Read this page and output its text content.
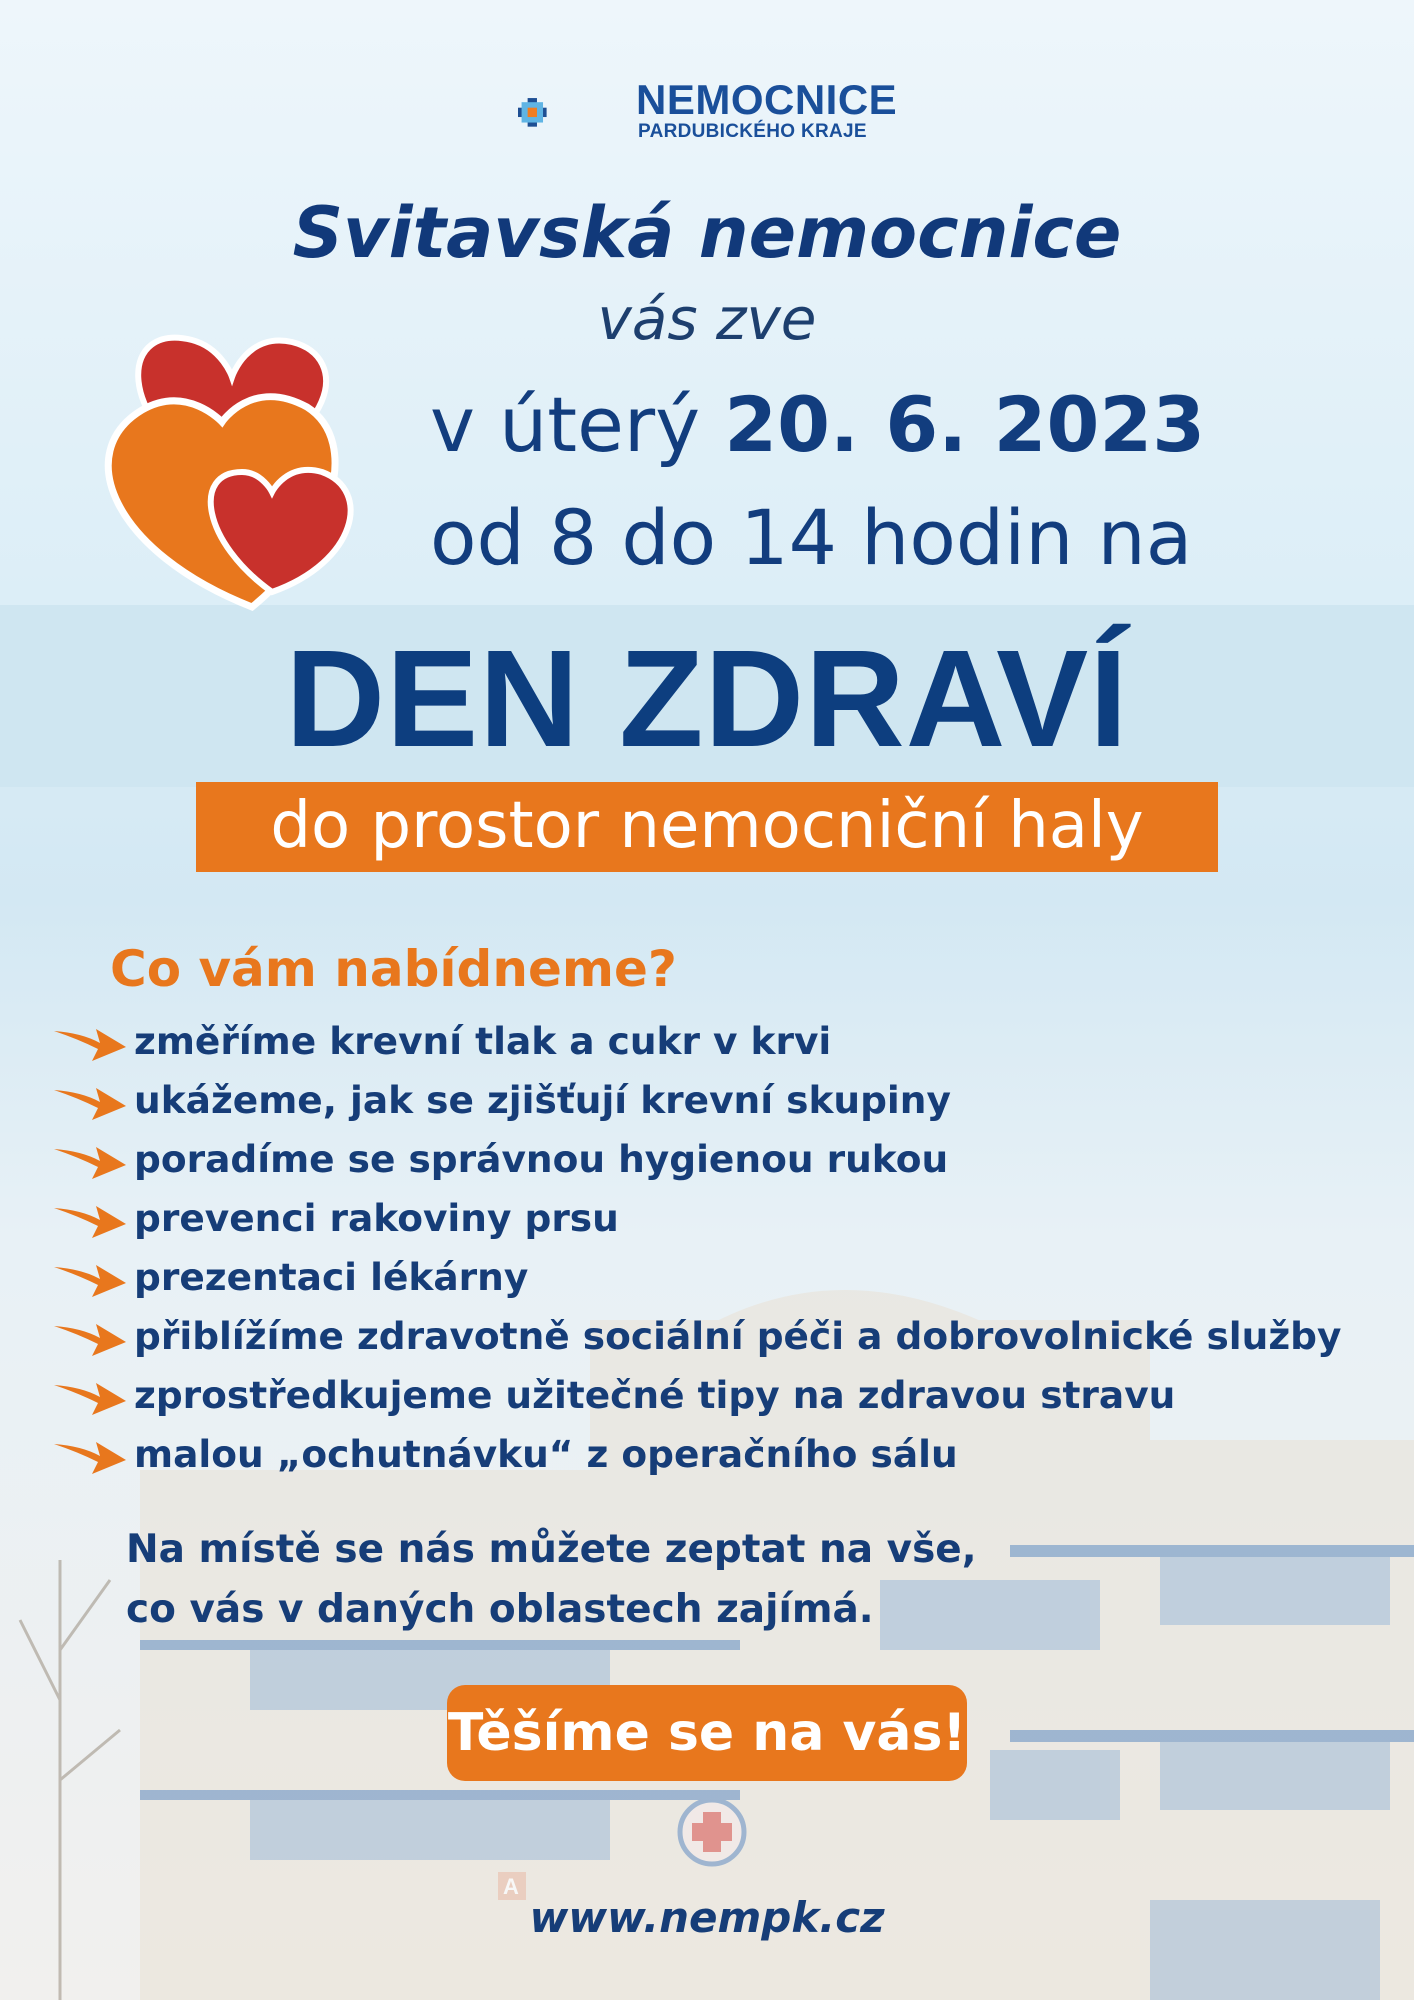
A
NEMOCNICE
PARDUBICKÉHO KRAJE
Svitavská nemocnice
vás zve
v úterý 20. 6. 2023
od 8 do 14 hodin na
DEN ZDRAVÍ
do prostor nemocniční haly
Co vám nabídneme?
změříme krevní tlak a cukr v krvi
ukážeme, jak se zjišťují krevní skupiny
poradíme se správnou hygienou rukou
prevenci rakoviny prsu
prezentaci lékárny
přiblížíme zdravotně sociální péči a dobrovolnické služby
zprostředkujeme užitečné tipy na zdravou stravu
malou „ochutnávku“ z operačního sálu
Na místě se nás můžete zeptat na vše,
co vás v daných oblastech zajímá.
Těšíme se na vás!
www.nempk.cz
